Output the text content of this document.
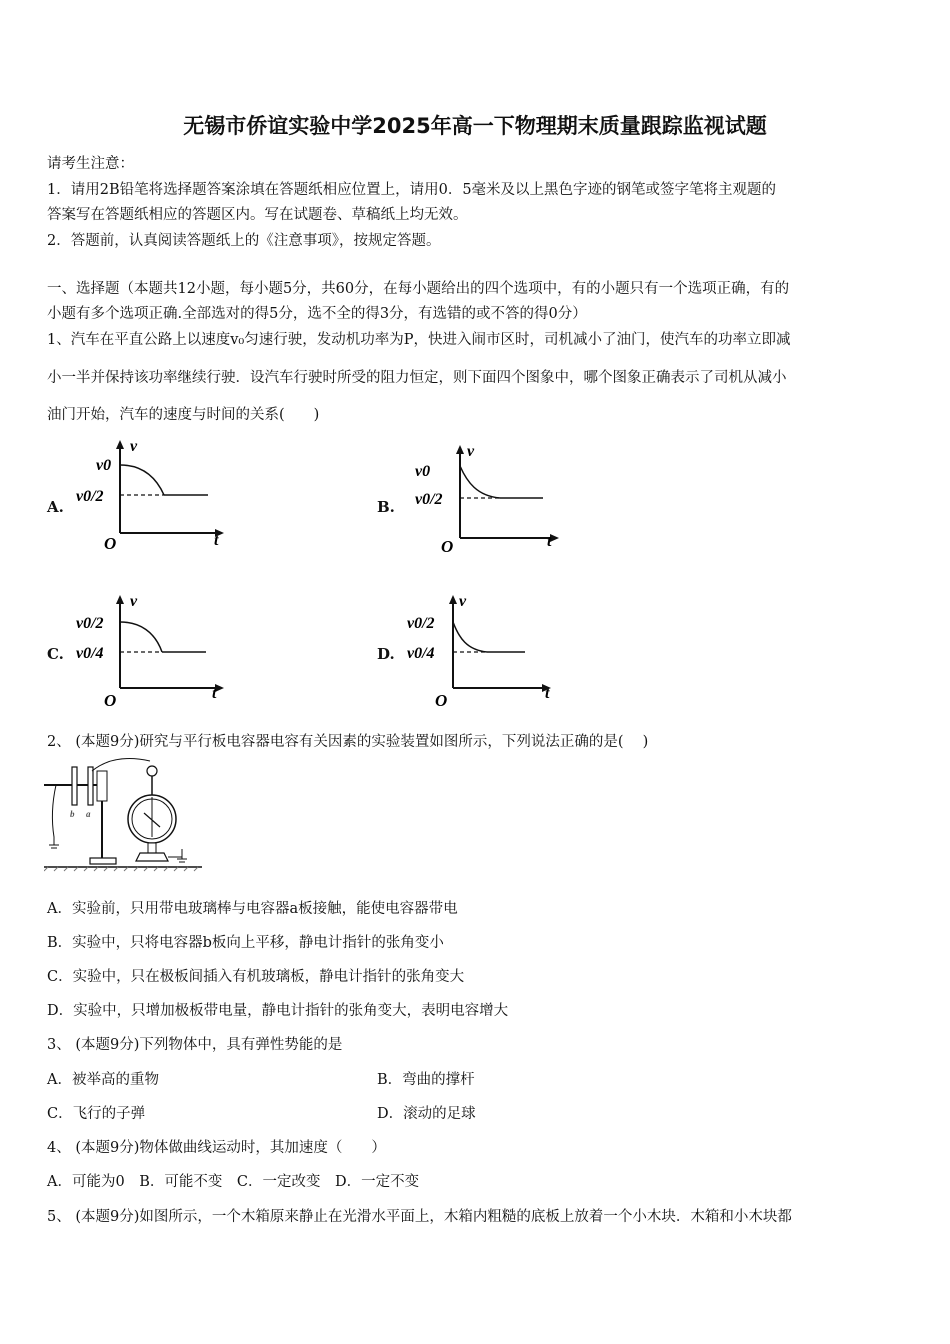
无锡市侨谊实验中学2025年高一下物理期末质量跟踪监视试题
请考生注意：
1．请用2B铅笔将选择题答案涂填在答题纸相应位置上，请用0．5毫米及以上黑色字迹的钢笔或签字笔将主观题的
答案写在答题纸相应的答题区内。写在试题卷、草稿纸上均无效。
2．答题前，认真阅读答题纸上的《注意事项》，按规定答题。
一、选择题（本题共12小题，每小题5分，共60分，在每小题给出的四个选项中，有的小题只有一个选项正确，有的
小题有多个选项正确.全部选对的得5分，选不全的得3分，有选错的或不答的得0分）
1、汽车在平直公路上以速度v₀匀速行驶，发动机功率为P，快进入闹市区时，司机减小了油门，使汽车的功率立即减
小一半并保持该功率继续行驶．设汽车行驶时所受的阻力恒定，则下面四个图象中，哪个图象正确表示了司机从减小
油门开始，汽车的速度与时间的关系(　　)
A.	B.
C.	D.
v
t
O
v0
v0/2
v
t
O
v0
v0/2
v
t
O
v0/2
v0/4
v
t
O
v0/2
v0/4
2、 (本题9分)研究与平行板电容器电容有关因素的实验装置如图所示，下列说法正确的是(　 )
b a
A．实验前，只用带电玻璃棒与电容器a板接触，能使电容器带电
B．实验中，只将电容器b板向上平移，静电计指针的张角变小
C．实验中，只在极板间插入有机玻璃板，静电计指针的张角变大
D．实验中，只增加极板带电量，静电计指针的张角变大，表明电容增大
3、 (本题9分)下列物体中，具有弹性势能的是
A．被举高的重物	B．弯曲的撑杆
C．飞行的子弹	D．滚动的足球
4、 (本题9分)物体做曲线运动时，其加速度（　　）
A．可能为0　B．可能不变　C．一定改变　D．一定不变
5、 (本题9分)如图所示，一个木箱原来静止在光滑水平面上，木箱内粗糙的底板上放着一个小木块．木箱和小木块都
